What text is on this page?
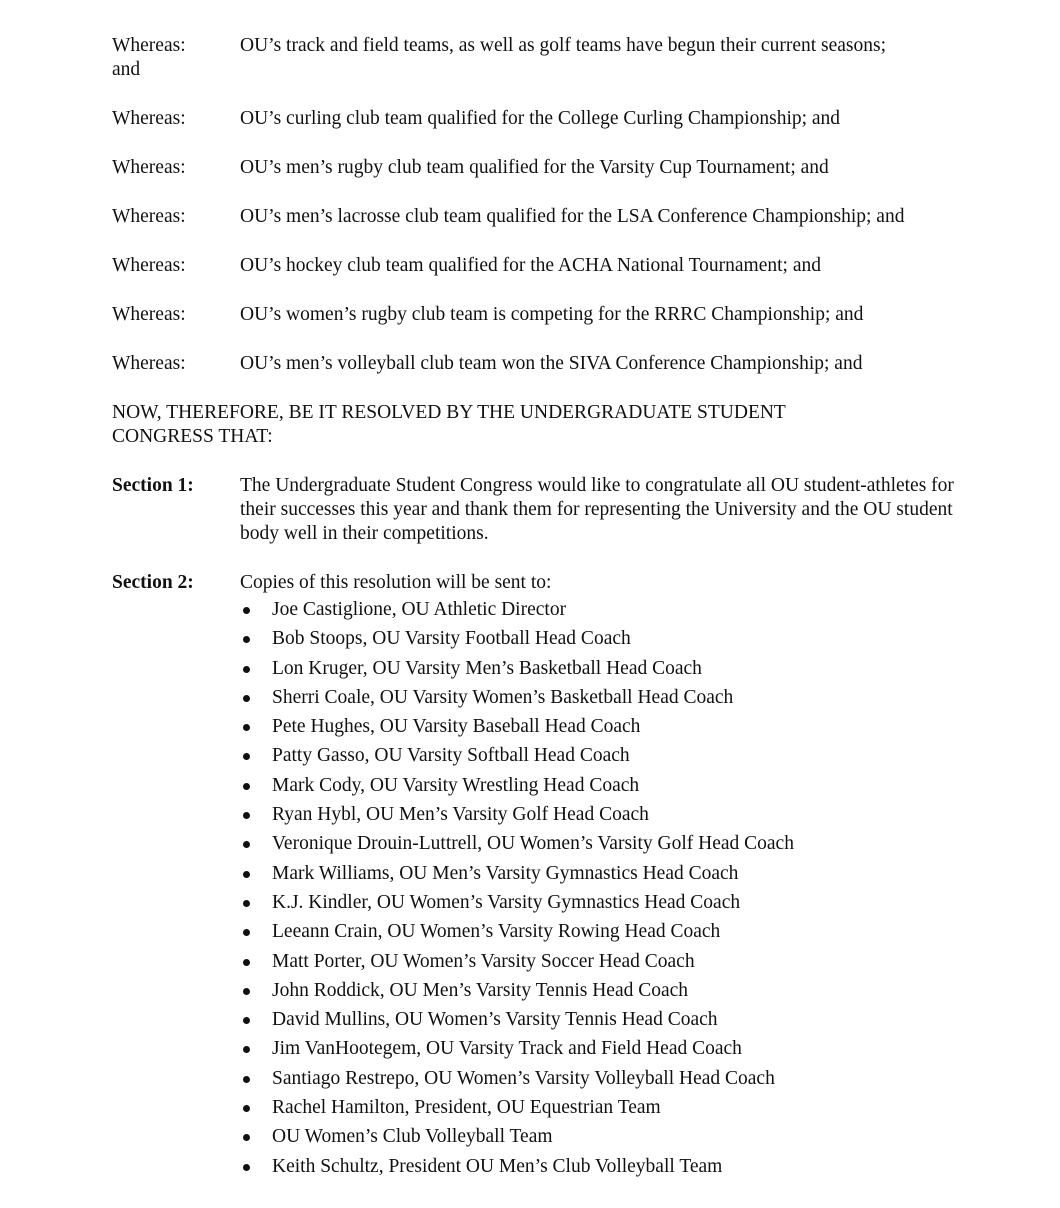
Whereas:	OU’s track and field teams, as well as golf teams have begun their current seasons;
and
Whereas:	OU’s curling club team qualified for the College Curling Championship; and
Whereas:	OU’s men’s rugby club team qualified for the Varsity Cup Tournament; and
Whereas:	OU’s men’s lacrosse club team qualified for the LSA Conference Championship; and
Whereas:	OU’s hockey club team qualified for the ACHA National Tournament; and
Whereas:	OU’s women’s rugby club team is competing for the RRRC Championship; and
Whereas:	OU’s men’s volleyball club team won the SIVA Conference Championship; and
NOW, THEREFORE, BE IT RESOLVED BY THE UNDERGRADUATE STUDENT CONGRESS THAT:
Section 1:	The Undergraduate Student Congress would like to congratulate all OU student-athletes for their successes this year and thank them for representing the University and the OU student body well in their competitions.
Section 2:	Copies of this resolution will be sent to:
Joe Castiglione, OU Athletic Director
Bob Stoops, OU Varsity Football Head Coach
Lon Kruger, OU Varsity Men’s Basketball Head Coach
Sherri Coale, OU Varsity Women’s Basketball Head Coach
Pete Hughes, OU Varsity Baseball Head Coach
Patty Gasso, OU Varsity Softball Head Coach
Mark Cody, OU Varsity Wrestling Head Coach
Ryan Hybl, OU Men’s Varsity Golf Head Coach
Veronique Drouin-Luttrell, OU Women’s Varsity Golf Head Coach
Mark Williams, OU Men’s Varsity Gymnastics Head Coach
K.J. Kindler, OU Women’s Varsity Gymnastics Head Coach
Leeann Crain, OU Women’s Varsity Rowing Head Coach
Matt Porter, OU Women’s Varsity Soccer Head Coach
John Roddick, OU Men’s Varsity Tennis Head Coach
David Mullins, OU Women’s Varsity Tennis Head Coach
Jim VanHootegem, OU Varsity Track and Field Head Coach
Santiago Restrepo, OU Women’s Varsity Volleyball Head Coach
Rachel Hamilton, President, OU Equestrian Team
OU Women’s Club Volleyball Team
Keith Schultz, President OU Men’s Club Volleyball Team
